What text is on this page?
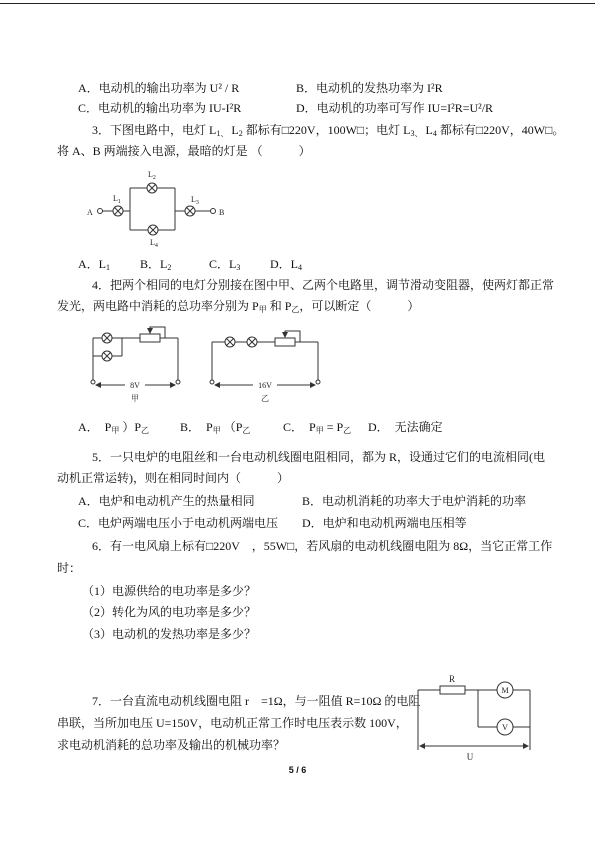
A．电动机的输出功率为 U² / R	B．电动机的发热功率为 I²R
C．电动机的输出功率为 IU-I²R	D．电动机的功率可写作 IU=I²R=U²/R
3．下图电路中，电灯 $L_{1、}$ $L_2$ 都标有□220V，100W□；电灯 $L_{3、}$ $L_4$ 都标有□220V，40W□。
将 A、B 两端接入电源，最暗的灯是 （　　　）
A
$L_1$
$L_2$
$L_4$
$L_3$
B
A．$L_1$	B．$L_2$	C．$L_3$ D．$L_4$
4．把两个相同的电灯分别接在图中甲、乙两个电路里，调节滑动变阻器，使两灯都正常
发光，两电路中消耗的总功率分别为 $P_甲$ 和 $P_乙$，可以断定（　　　）
8V
甲
16V
乙
A．　$P_甲$ ）$P_乙$	B．　$P_甲$ （$P_乙$	C．　$P_甲 = P_乙$ D．　无法确定
5．一只电炉的电阻丝和一台电动机线圈电阻相同，都为 R，设通过它们的电流相同(电
动机正常运转)，则在相同时间内（　　　）
A．电炉和电动机产生的热量相同	B．电动机消耗的功率大于电炉消耗的功率
C．电炉两端电压小于电动机两端电压 D．电炉和电动机两端电压相等
6．有一电风扇上标有□220V　，55W□，若风扇的电动机线圈电阻为 8Ω，当它正常工作
时：
（1）电源供给的电功率是多少？
（2）转化为风的电功率是多少？
（3）电动机的发热功率是多少？
7．一台直流电动机线圈电阻 r　=1Ω，与一阻值 R=10Ω 的电阻
串联，当所加电压 U=150V，电动机正常工作时电压表示数 100V，
求电动机消耗的总功率及输出的机械功率？
R
M
V
U
5 / 6
